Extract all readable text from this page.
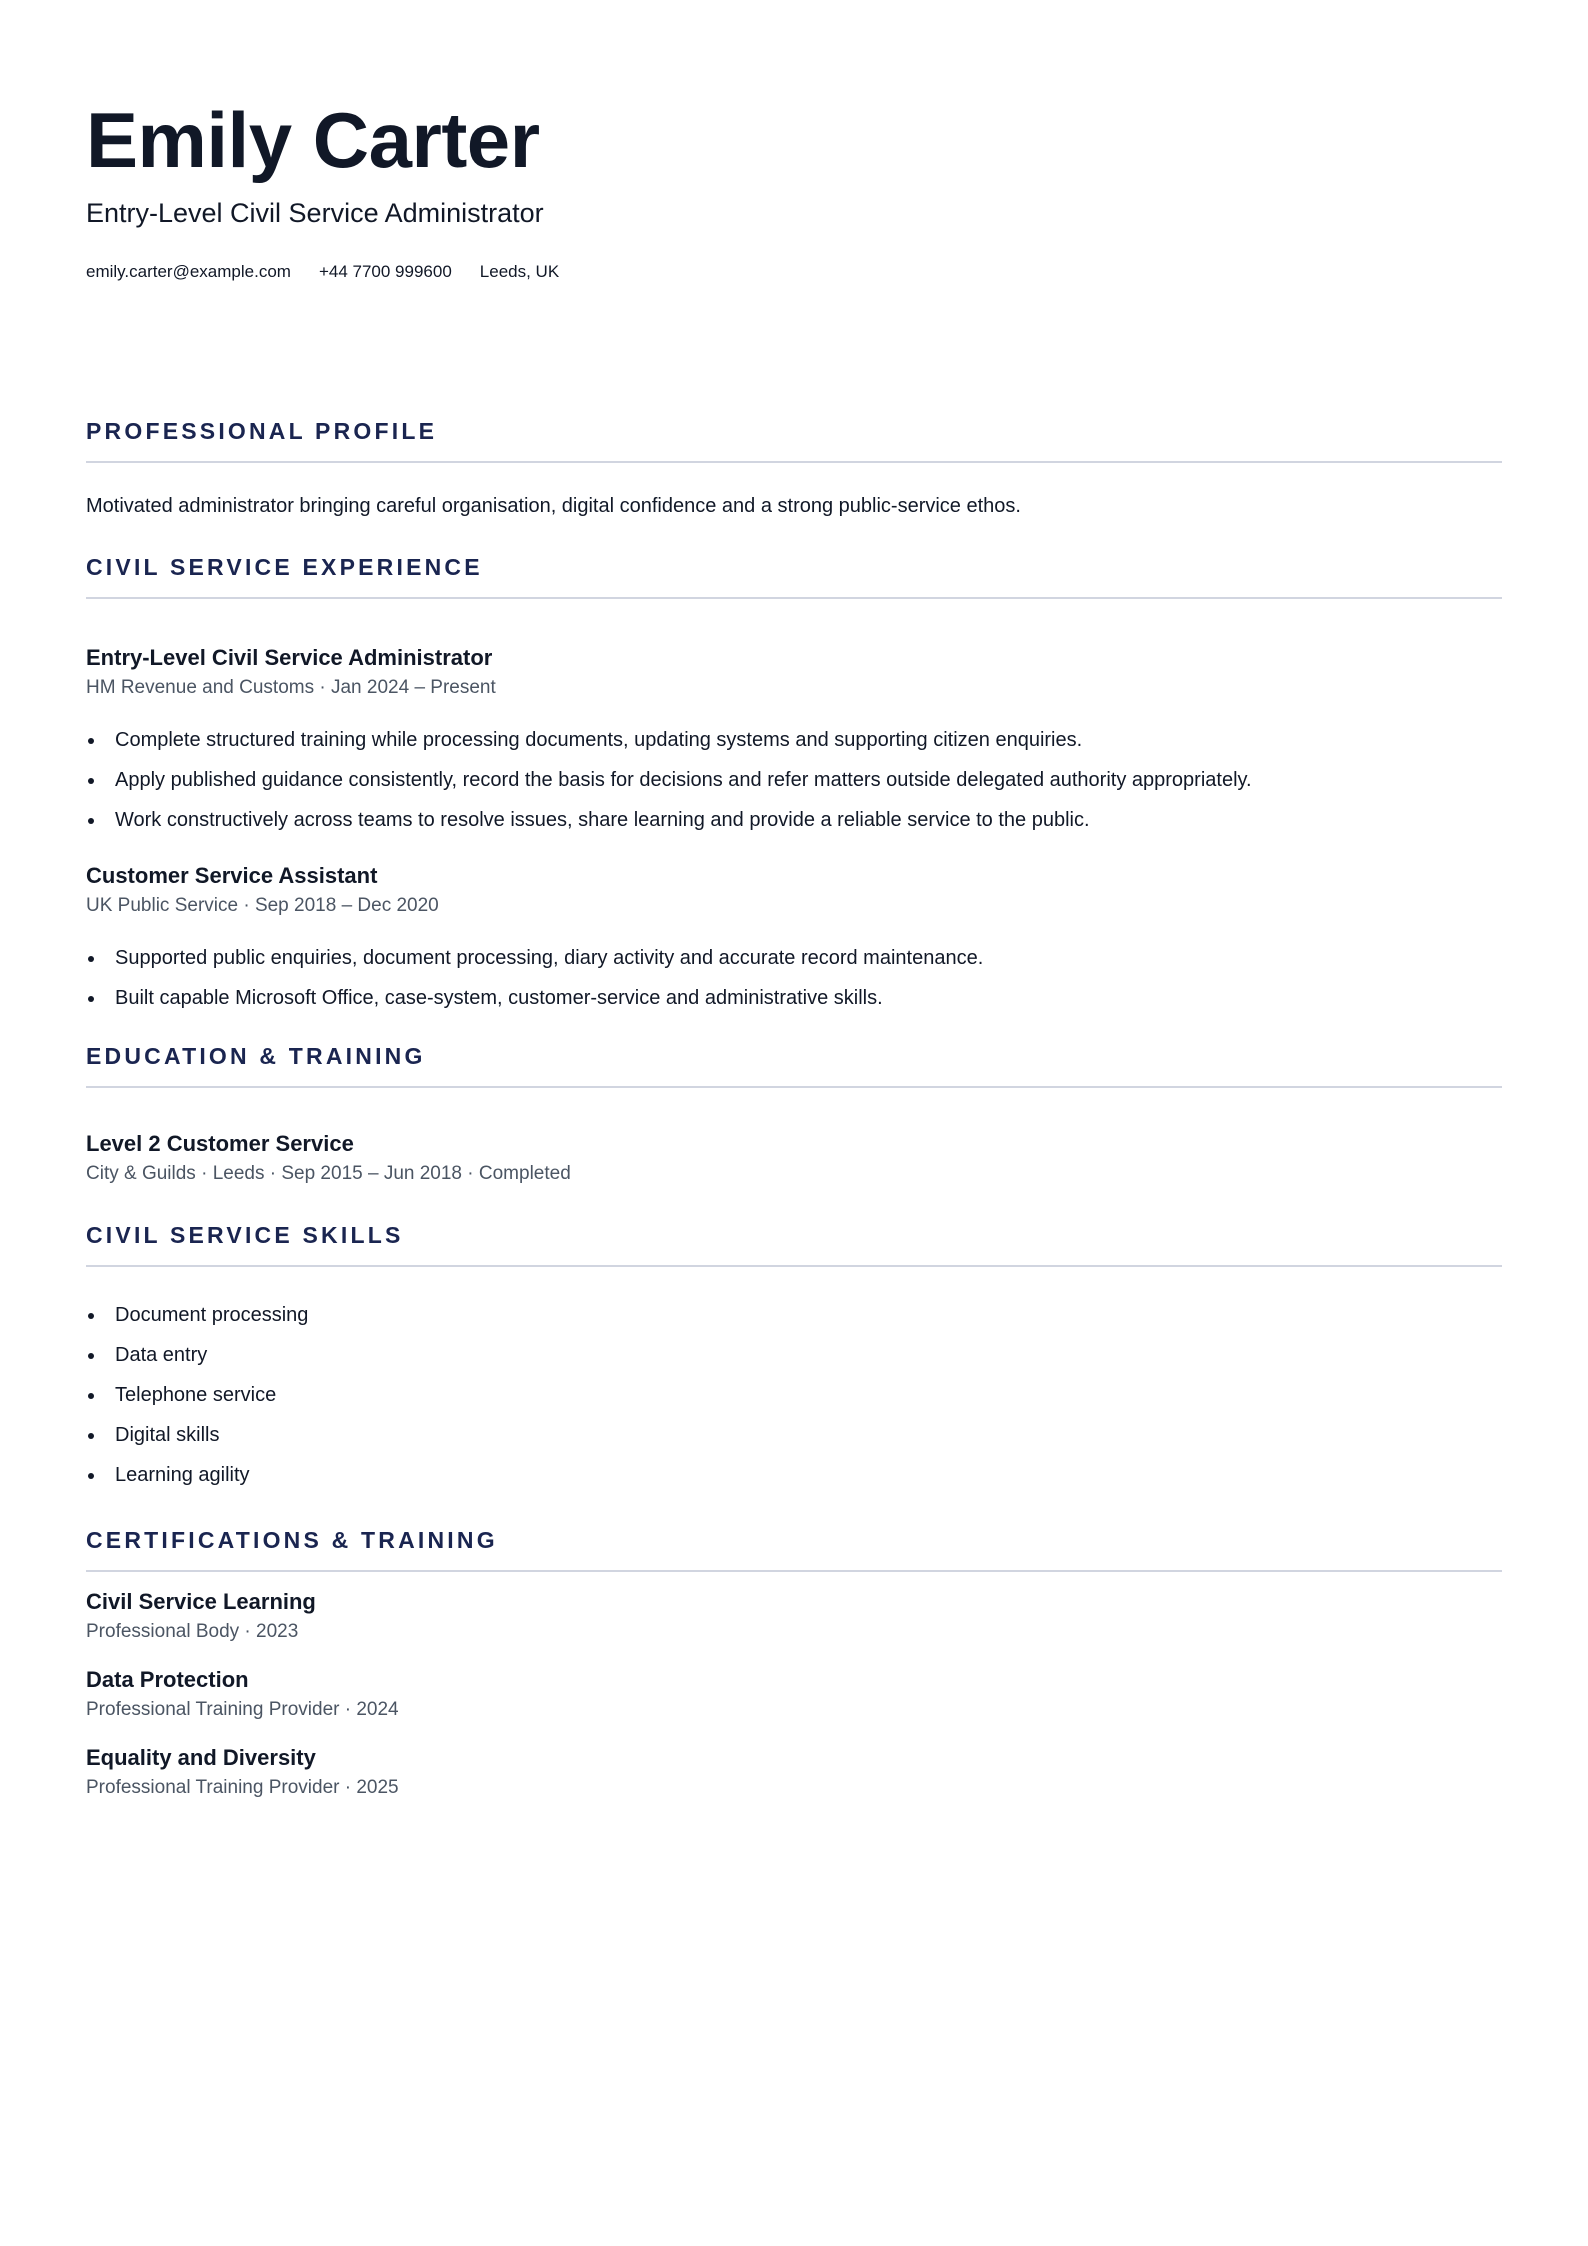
Emily Carter
Entry-Level Civil Service Administrator
emily.carter@example.com +44 7700 999600 Leeds, UK
PROFESSIONAL PROFILE
Motivated administrator bringing careful organisation, digital confidence and a strong public-service ethos.
CIVIL SERVICE EXPERIENCE
Entry-Level Civil Service Administrator
HM Revenue and Customs · Jan 2024 – Present
Complete structured training while processing documents, updating systems and supporting citizen enquiries.
Apply published guidance consistently, record the basis for decisions and refer matters outside delegated authority appropriately.
Work constructively across teams to resolve issues, share learning and provide a reliable service to the public.
Customer Service Assistant
UK Public Service · Sep 2018 – Dec 2020
Supported public enquiries, document processing, diary activity and accurate record maintenance.
Built capable Microsoft Office, case-system, customer-service and administrative skills.
EDUCATION & TRAINING
Level 2 Customer Service
City & Guilds · Leeds · Sep 2015 – Jun 2018 · Completed
CIVIL SERVICE SKILLS
Document processing
Data entry
Telephone service
Digital skills
Learning agility
CERTIFICATIONS & TRAINING
Civil Service Learning
Professional Body · 2023
Data Protection
Professional Training Provider · 2024
Equality and Diversity
Professional Training Provider · 2025
